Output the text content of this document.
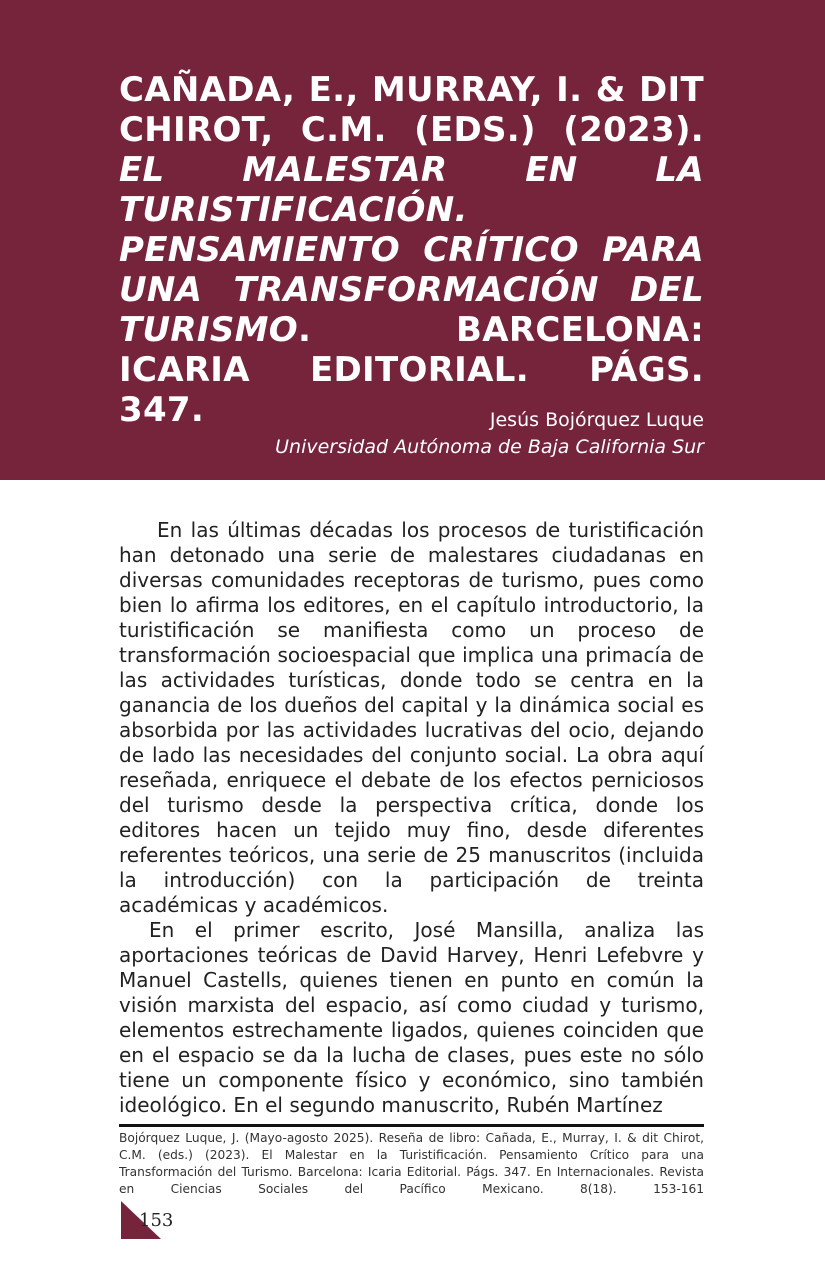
CAÑADA, E., MURRAY, I. & DIT CHIROT, C.M. (EDS.) (2023). EL MALESTAR EN LA TURISTIFICACIÓN. PENSAMIENTO CRÍTICO PARA UNA TRANSFORMACIÓN DEL TURISMO. BARCELONA: ICARIA EDITORIAL. PÁGS. 347.	Jesús Bojórquez Luque
Universidad Autónoma de Baja California Sur

En las últimas décadas los procesos de turistificación han detonado una serie de malestares ciudadanas en diversas comunidades receptoras de turismo, pues como bien lo afirma los editores, en el capítulo introductorio, la turistificación se manifiesta como un proceso de transformación socioespacial que implica una primacía de las actividades turísticas, donde todo se centra en la ganancia de los dueños del capital y la dinámica social es absorbida por las actividades lucrativas del ocio, dejando de lado las necesidades del conjunto social. La obra aquí reseñada, enriquece el debate de los efectos perniciosos del turismo desde la perspectiva crítica, donde los editores hacen un tejido muy fino, desde diferentes referentes teóricos, una serie de 25 manuscritos (incluida la introducción) con la participación de treinta académicas y académicos.

En el primer escrito, José Mansilla, analiza las aportaciones teóricas de David Harvey, Henri Lefebvre y Manuel Castells, quienes tienen en punto en común la visión marxista del espacio, así como ciudad y turismo, elementos estrechamente ligados, quienes coinciden que en el espacio se da la lucha de clases, pues este no sólo tiene un componente físico y económico, sino también ideológico. En el segundo manuscrito, Rubén Martínez

Bojórquez Luque, J. (Mayo-agosto 2025). Reseña de libro: Cañada, E., Murray, I. & dit Chirot, C.M. (eds.) (2023). El Malestar en la Turistificación. Pensamiento Crítico para una Transformación del Turismo. Barcelona: Icaria Editorial. Págs. 347. En Internacionales. Revista en Ciencias Sociales del Pacífico Mexicano. 8(18). 153-161

153
